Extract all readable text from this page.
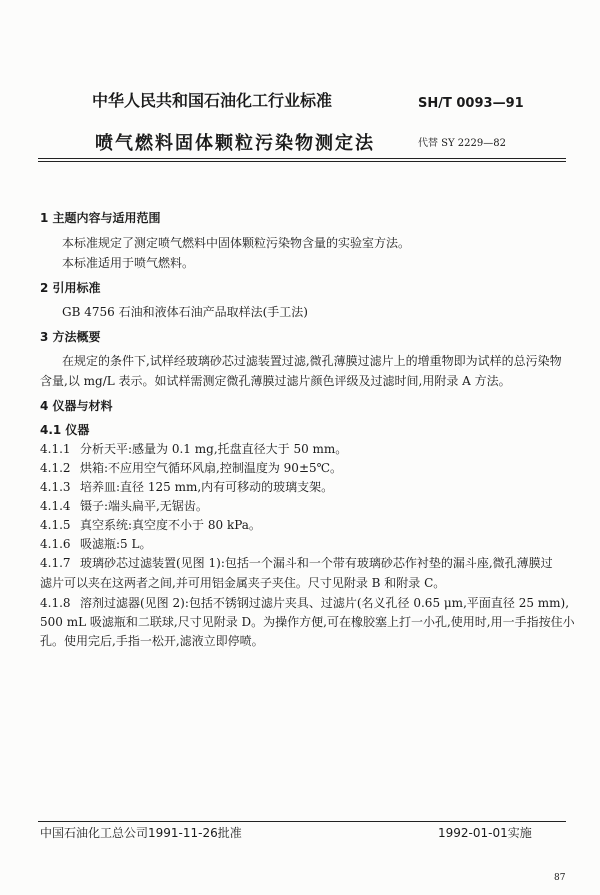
中华人民共和国石油化工行业标准	SH/T 0093—91
喷气燃料固体颗粒污染物测定法	代替 SY 2229—82
1 主题内容与适用范围
本标准规定了测定喷气燃料中固体颗粒污染物含量的实验室方法。
本标准适用于喷气燃料。
2 引用标准
GB 4756 石油和液体石油产品取样法(手工法)
3 方法概要
在规定的条件下,试样经玻璃砂芯过滤装置过滤,微孔薄膜过滤片上的增重物即为试样的总污染物
含量,以 mg/L 表示。如试样需测定微孔薄膜过滤片颜色评级及过滤时间,用附录 A 方法。
4 仪器与材料
4.1 仪器
4.1.1 分析天平:感量为 0.1 mg,托盘直径大于 50 mm。
4.1.2 烘箱:不应用空气循环风扇,控制温度为 90±5℃。
4.1.3 培养皿:直径 125 mm,内有可移动的玻璃支架。
4.1.4 镊子:端头扁平,无锯齿。
4.1.5 真空系统:真空度不小于 80 kPa。
4.1.6 吸滤瓶:5 L。
4.1.7 玻璃砂芯过滤装置(见图 1):包括一个漏斗和一个带有玻璃砂芯作衬垫的漏斗座,微孔薄膜过
滤片可以夹在这两者之间,并可用铝金属夹子夹住。尺寸见附录 B 和附录 C。
4.1.8 溶剂过滤器(见图 2):包括不锈钢过滤片夹具、过滤片(名义孔径 0.65 μm,平面直径 25 mm),
500 mL 吸滤瓶和二联球,尺寸见附录 D。为操作方便,可在橡胶塞上打一小孔,使用时,用一手指按住小
孔。使用完后,手指一松开,滤液立即停喷。
中国石油化工总公司1991-11-26批准	1992-01-01实施
87
